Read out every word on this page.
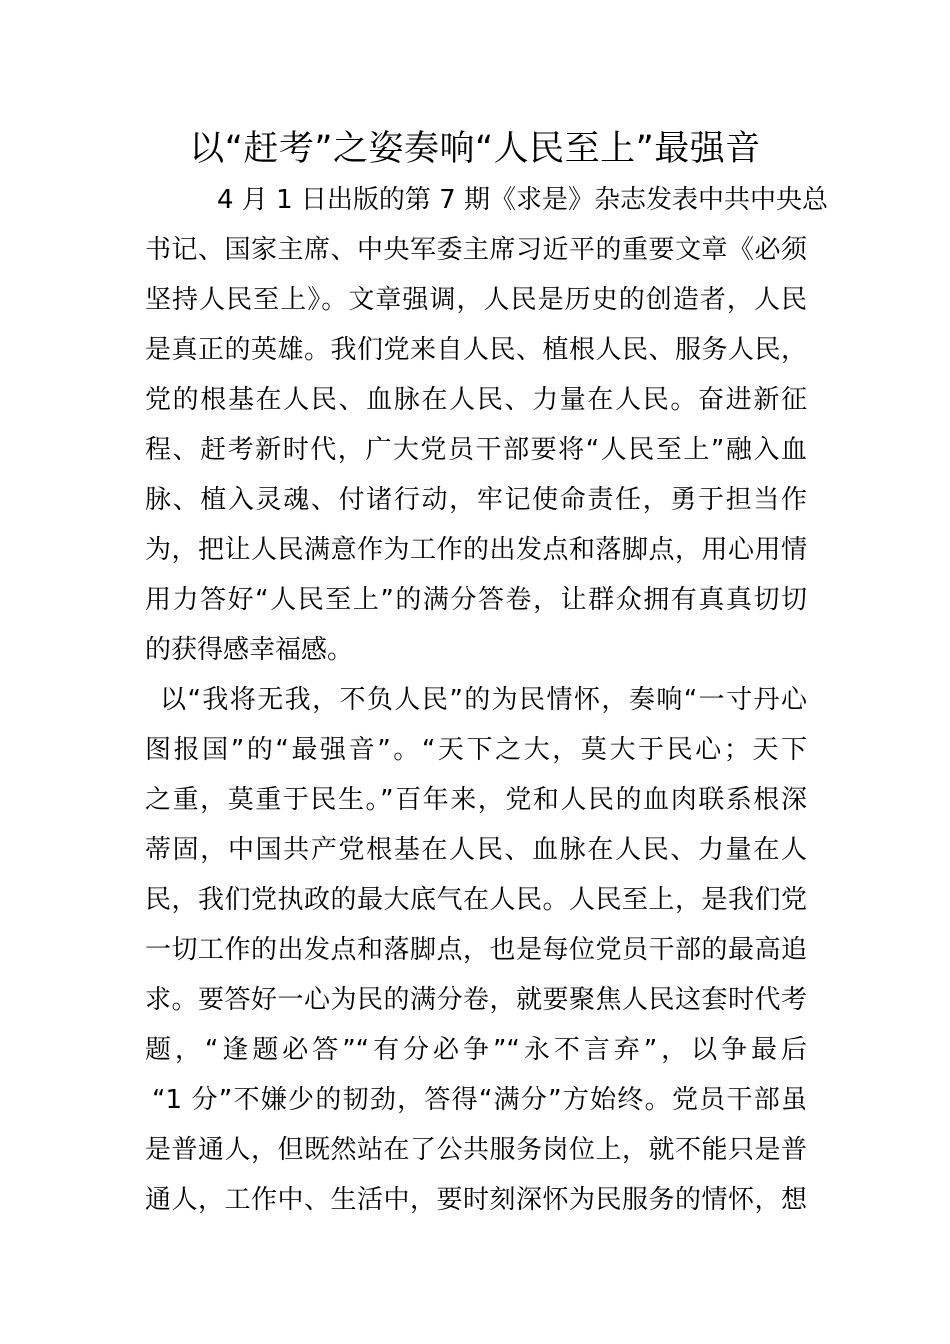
以“赶考”之姿奏响“人民至上”最强音
4 月 1 日出版的第 7 期《求是》杂志发表中共中央总
书记、国家主席、中央军委主席习近平的重要文章《必须
坚持人民至上》。文章强调，人民是历史的创造者，人民
是真正的英雄。我们党来自人民、植根人民、服务人民，
党的根基在人民、血脉在人民、力量在人民。奋进新征
程、赶考新时代，广大党员干部要将“人民至上”融入血
脉、植入灵魂、付诸行动，牢记使命责任，勇于担当作
为，把让人民满意作为工作的出发点和落脚点，用心用情
用力答好“人民至上”的满分答卷，让群众拥有真真切切
的获得感幸福感。
以“我将无我，不负人民”的为民情怀，奏响“一寸丹心
图报国”的“最强音”。“天下之大，莫大于民心；天下
之重，莫重于民生。”百年来，党和人民的血肉联系根深
蒂固，中国共产党根基在人民、血脉在人民、力量在人
民，我们党执政的最大底气在人民。人民至上，是我们党
一切工作的出发点和落脚点，也是每位党员干部的最高追
求。要答好一心为民的满分卷，就要聚焦人民这套时代考
题，“逢题必答”“有分必争”“永不言弃”，以争最后
“1 分”不嫌少的韧劲，答得“满分”方始终。党员干部虽
是普通人，但既然站在了公共服务岗位上，就不能只是普
通人，工作中、生活中，要时刻深怀为民服务的情怀，想
